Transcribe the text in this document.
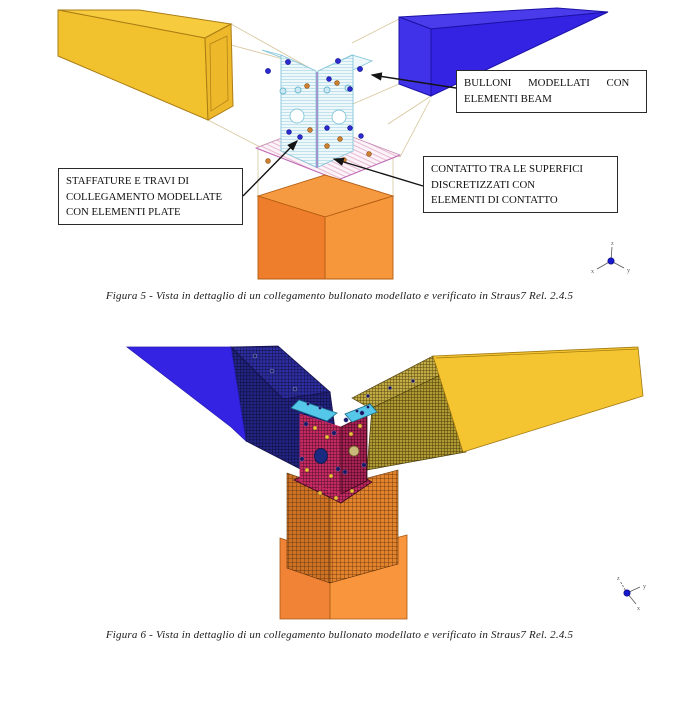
z
x	y
BULLONI MODELLATI CON
ELEMENTI BEAM
STAFFATURE E TRAVI DI
COLLEGAMENTO MODELLATE
CON ELEMENTI PLATE
CONTATTO TRA LE SUPERFICI
DISCRETIZZATI CON
ELEMENTI DI CONTATTO

Figura 5 - Vista in dettaglio di un collegamento bullonato modellato e verificato in Straus7 Rel. 2.4.5

z
y
x

Figura 6 - Vista in dettaglio di un collegamento bullonato modellato e verificato in Straus7 Rel. 2.4.5
